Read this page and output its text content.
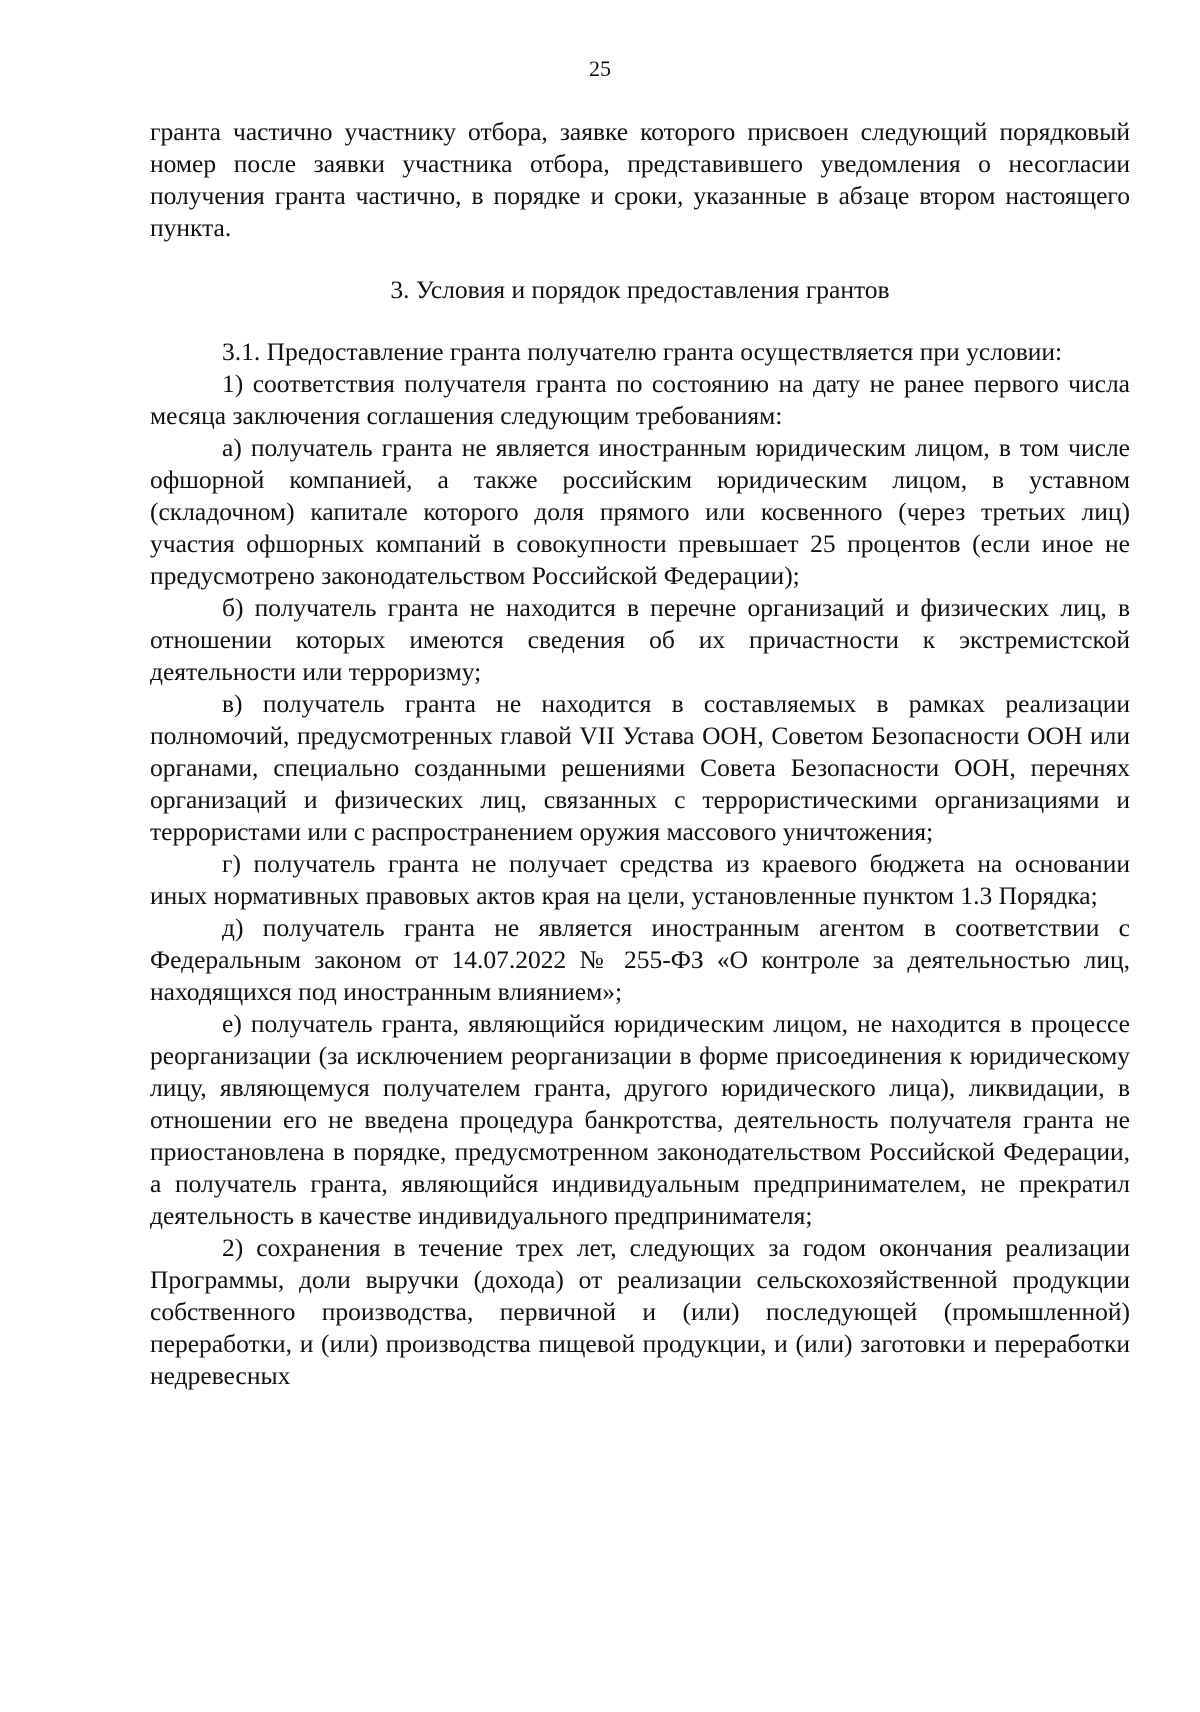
25

гранта частично участнику отбора, заявке которого присвоен следующий порядковый номер после заявки участника отбора, представившего уведомления о несогласии получения гранта частично, в порядке и сроки, указанные в абзаце втором настоящего пункта.

3. Условия и порядок предоставления грантов

3.1. Предоставление гранта получателю гранта осуществляется при условии:

1) соответствия получателя гранта по состоянию на дату не ранее первого числа месяца заключения соглашения следующим требованиям:

а) получатель гранта не является иностранным юридическим лицом, в том числе офшорной компанией, а также российским юридическим лицом, в уставном (складочном) капитале которого доля прямого или косвенного (через третьих лиц) участия офшорных компаний в совокупности превышает 25 процентов (если иное не предусмотрено законодательством Российской Федерации);

б) получатель гранта не находится в перечне организаций и физических лиц, в отношении которых имеются сведения об их причастности к экстремистской деятельности или терроризму;

в) получатель гранта не находится в составляемых в рамках реализации полномочий, предусмотренных главой VII Устава ООН, Советом Безопасности ООН или органами, специально созданными решениями Совета Безопасности ООН, перечнях организаций и физических лиц, связанных с террористическими организациями и террористами или с распространением оружия массового уничтожения;

г) получатель гранта не получает средства из краевого бюджета на основании иных нормативных правовых актов края на цели, установленные пунктом 1.3 Порядка;

д) получатель гранта не является иностранным агентом в соответствии с Федеральным законом от 14.07.2022 № 255-ФЗ «О контроле за деятельностью лиц, находящихся под иностранным влиянием»;

е) получатель гранта, являющийся юридическим лицом, не находится в процессе реорганизации (за исключением реорганизации в форме присоединения к юридическому лицу, являющемуся получателем гранта, другого юридического лица), ликвидации, в отношении его не введена процедура банкротства, деятельность получателя гранта не приостановлена в порядке, предусмотренном законодательством Российской Федерации, а получатель гранта, являющийся индивидуальным предпринимателем, не прекратил деятельность в качестве индивидуального предпринимателя;

2) сохранения в течение трех лет, следующих за годом окончания реализации Программы, доли выручки (дохода) от реализации сельскохозяйственной продукции собственного производства, первичной и (или) последующей (промышленной) переработки, и (или) производства пищевой продукции, и (или) заготовки и переработки недревесных
